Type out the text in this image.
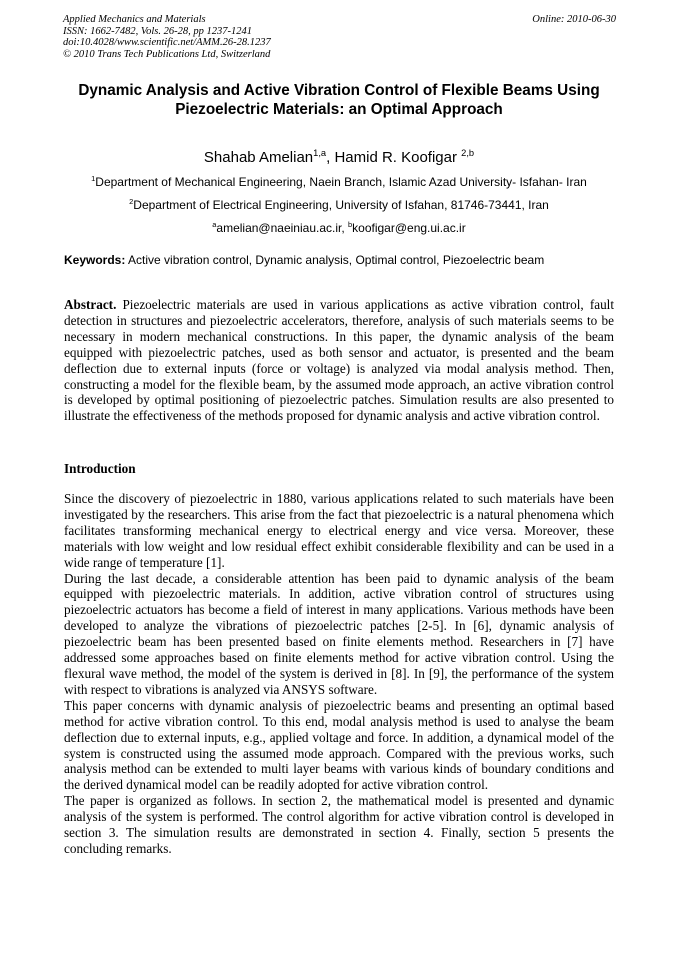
Applied Mechanics and Materials
ISSN: 1662-7482, Vols. 26-28, pp 1237-1241
doi:10.4028/www.scientific.net/AMM.26-28.1237
© 2010 Trans Tech Publications Ltd, Switzerland
Online: 2010-06-30
Dynamic Analysis and Active Vibration Control of Flexible Beams Using
Piezoelectric Materials: an Optimal Approach
Shahab Amelian$^{1,a}$, Hamid R. Koofigar $^{2,b}$
$^1$Department of Mechanical Engineering, Naein Branch, Islamic Azad University- Isfahan- Iran
$^2$Department of Electrical Engineering, University of Isfahan, 81746-73441, Iran
$^a$amelian@naeiniau.ac.ir, $^b$koofigar@eng.ui.ac.ir
Keywords: Active vibration control, Dynamic analysis, Optimal control, Piezoelectric beam
Abstract. Piezoelectric materials are used in various applications as active vibration control, fault detection in structures and piezoelectric accelerators, therefore, analysis of such materials seems to be necessary in modern mechanical constructions. In this paper, the dynamic analysis of the beam equipped with piezoelectric patches, used as both sensor and actuator, is presented and the beam deflection due to external inputs (force or voltage) is analyzed via modal analysis method. Then, constructing a model for the flexible beam, by the assumed mode approach, an active vibration control is developed by optimal positioning of piezoelectric patches. Simulation results are also presented to illustrate the effectiveness of the methods proposed for dynamic analysis and active vibration control.
Introduction

Since the discovery of piezoelectric in 1880, various applications related to such materials have been investigated by the researchers. This arise from the fact that piezoelectric is a natural phenomena which facilitates transforming mechanical energy to electrical energy and vice versa. Moreover, these materials with low weight and low residual effect exhibit considerable flexibility and can be used in a wide range of temperature [1].

During the last decade, a considerable attention has been paid to dynamic analysis of the beam equipped with piezoelectric materials. In addition, active vibration control of structures using piezoelectric actuators has become a field of interest in many applications. Various methods have been developed to analyze the vibrations of piezoelectric patches [2-5]. In [6], dynamic analysis of piezoelectric beam has been presented based on finite elements method. Researchers in [7] have addressed some approaches based on finite elements method for active vibration control. Using the flexural wave method, the model of the system is derived in [8]. In [9], the performance of the system with respect to vibrations is analyzed via ANSYS software.

This paper concerns with dynamic analysis of piezoelectric beams and presenting an optimal based method for active vibration control. To this end, modal analysis method is used to analyse the beam deflection due to external inputs, e.g., applied voltage and force. In addition, a dynamical model of the system is constructed using the assumed mode approach. Compared with the previous works, such analysis method can be extended to multi layer beams with various kinds of boundary conditions and the derived dynamical model can be readily adopted for active vibration control.

The paper is organized as follows. In section 2, the mathematical model is presented and dynamic analysis of the system is performed. The control algorithm for active vibration control is developed in section 3. The simulation results are demonstrated in section 4. Finally, section 5 presents the concluding remarks.
